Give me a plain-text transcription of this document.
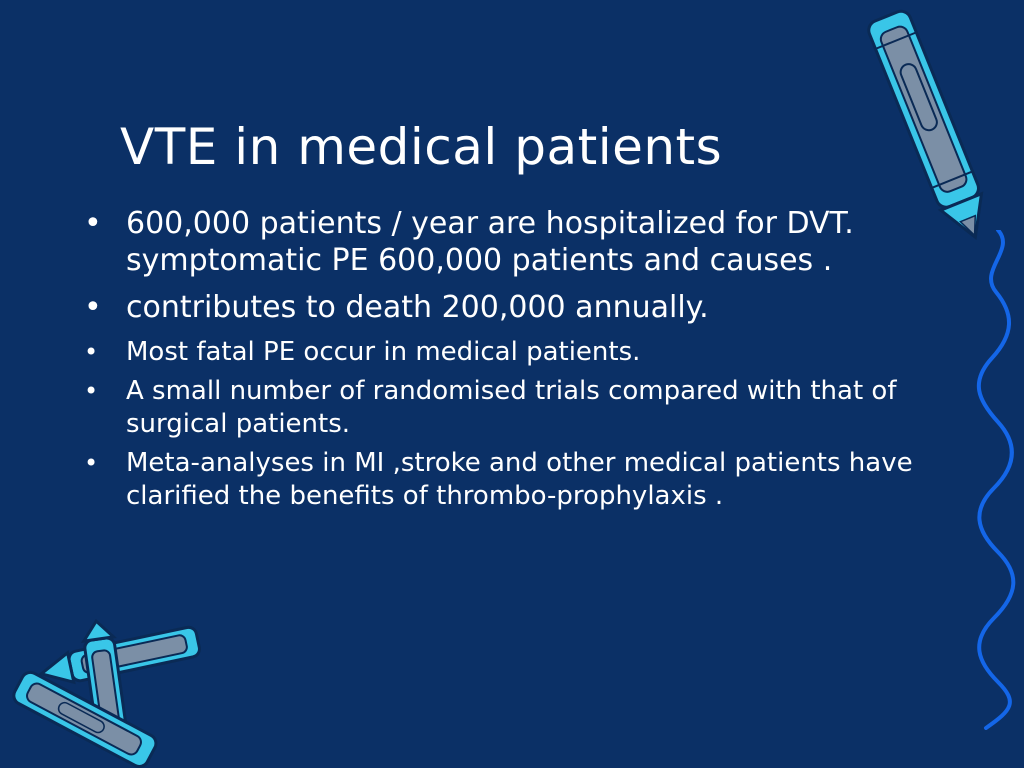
VTE in medical patients
• 600,000 patients / year are hospitalized for DVT. symptomatic PE 600,000 patients and causes .
• contributes to death 200,000 annually.
• Most fatal PE occur in medical patients.
• A small number of randomised trials compared with that of surgical patients.
• Meta-analyses in MI ,stroke and other medical patients have clarified the benefits of thrombo-prophylaxis .
